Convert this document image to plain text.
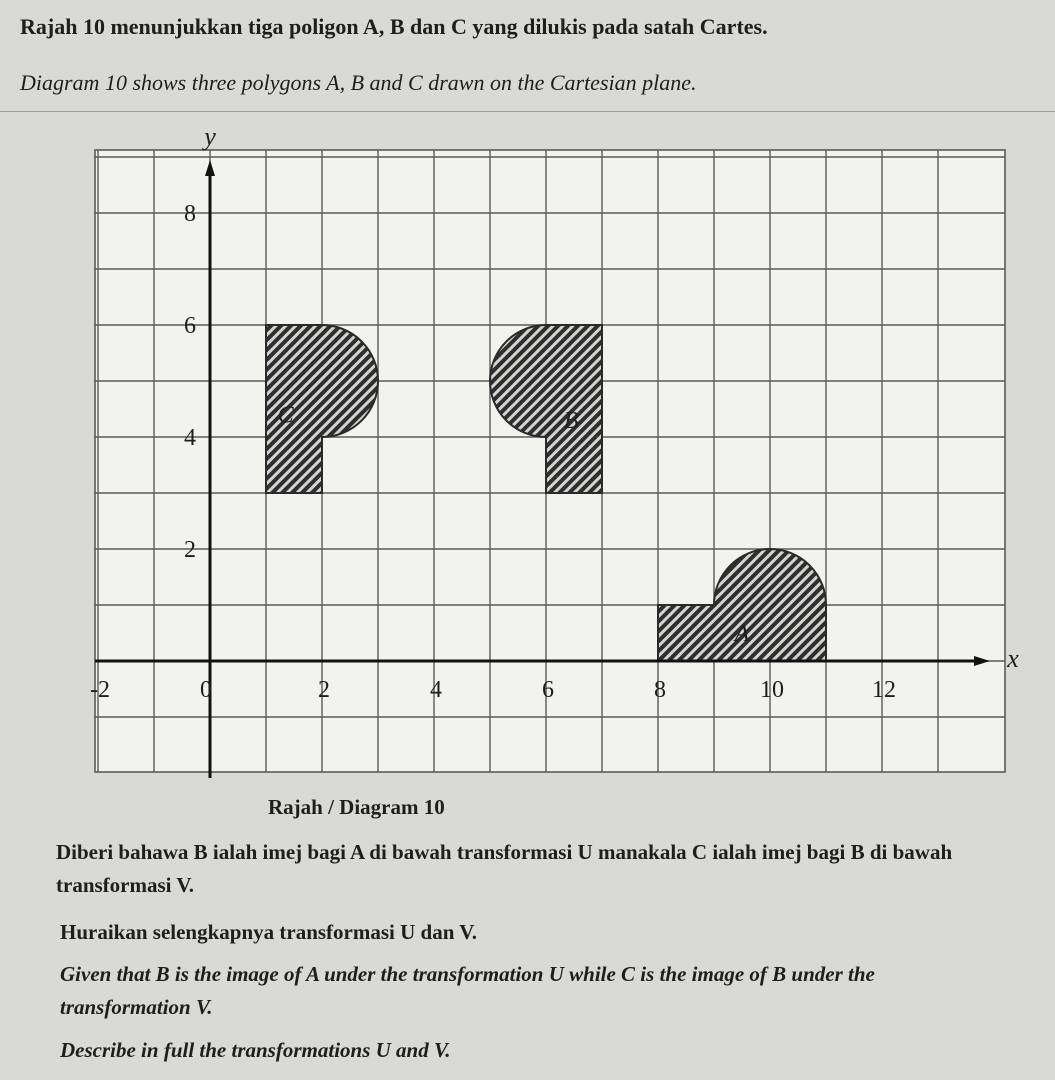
Rajah 10 menunjukkan tiga poligon A, B dan C yang dilukis pada satah Cartes.

Diagram 10 shows three polygons A, B and C drawn on the Cartesian plane.

A
B
C
-2	0	2	4	6	8	10	12
2
4
6
8
x
y

Rajah / Diagram 10

Diberi bahawa B ialah imej bagi A di bawah transformasi U manakala C ialah imej bagi B di bawah

transformasi V.

Huraikan selengkapnya transformasi U dan V.

Given that B is the image of A under the transformation U while C is the image of B under the

transformation V.

Describe in full the transformations U and V.
